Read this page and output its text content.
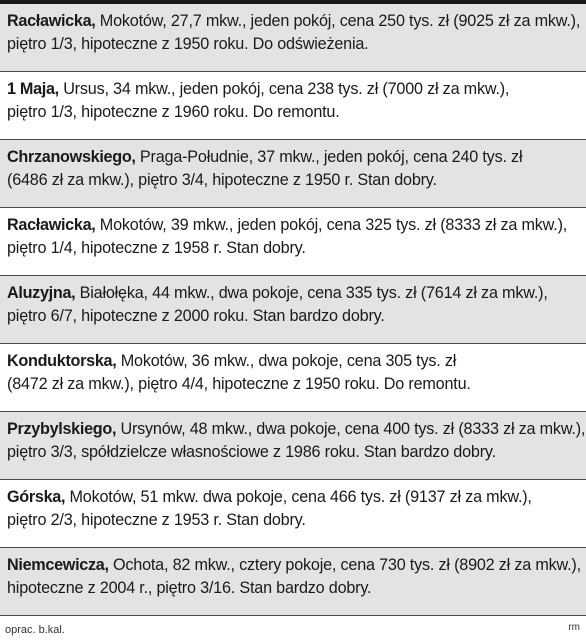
Racławicka, Mokotów, 27,7 mkw., jeden pokój, cena 250 tys. zł (9025 zł za mkw.),
piętro 1/3, hipoteczne z 1950 roku. Do odświeżenia.
1 Maja, Ursus, 34 mkw., jeden pokój, cena 238 tys. zł (7000 zł za mkw.),
piętro 1/3, hipoteczne z 1960 roku. Do remontu.
Chrzanowskiego, Praga-Południe, 37 mkw., jeden pokój, cena 240 tys. zł
(6486 zł za mkw.), piętro 3/4, hipoteczne z 1950 r. Stan dobry.
Racławicka, Mokotów, 39 mkw., jeden pokój, cena 325 tys. zł (8333 zł za mkw.),
piętro 1/4, hipoteczne z 1958 r. Stan dobry.
Aluzyjna, Białołęka, 44 mkw., dwa pokoje, cena 335 tys. zł (7614 zł za mkw.),
piętro 6/7, hipoteczne z 2000 roku. Stan bardzo dobry.
Konduktorska, Mokotów, 36 mkw., dwa pokoje, cena 305 tys. zł
(8472 zł za mkw.), piętro 4/4, hipoteczne z 1950 roku. Do remontu.
Przybylskiego, Ursynów, 48 mkw., dwa pokoje, cena 400 tys. zł (8333 zł za mkw.),
piętro 3/3, spółdzielcze własnościowe z 1986 roku. Stan bardzo dobry.
Górska, Mokotów, 51 mkw. dwa pokoje, cena 466 tys. zł (9137 zł za mkw.),
piętro 2/3, hipoteczne z 1953 r. Stan dobry.
Niemcewicza, Ochota, 82 mkw., cztery pokoje, cena 730 tys. zł (8902 zł za mkw.),
hipoteczne z 2004 r., piętro 3/16. Stan bardzo dobry.
oprac. b.kal.	rm
